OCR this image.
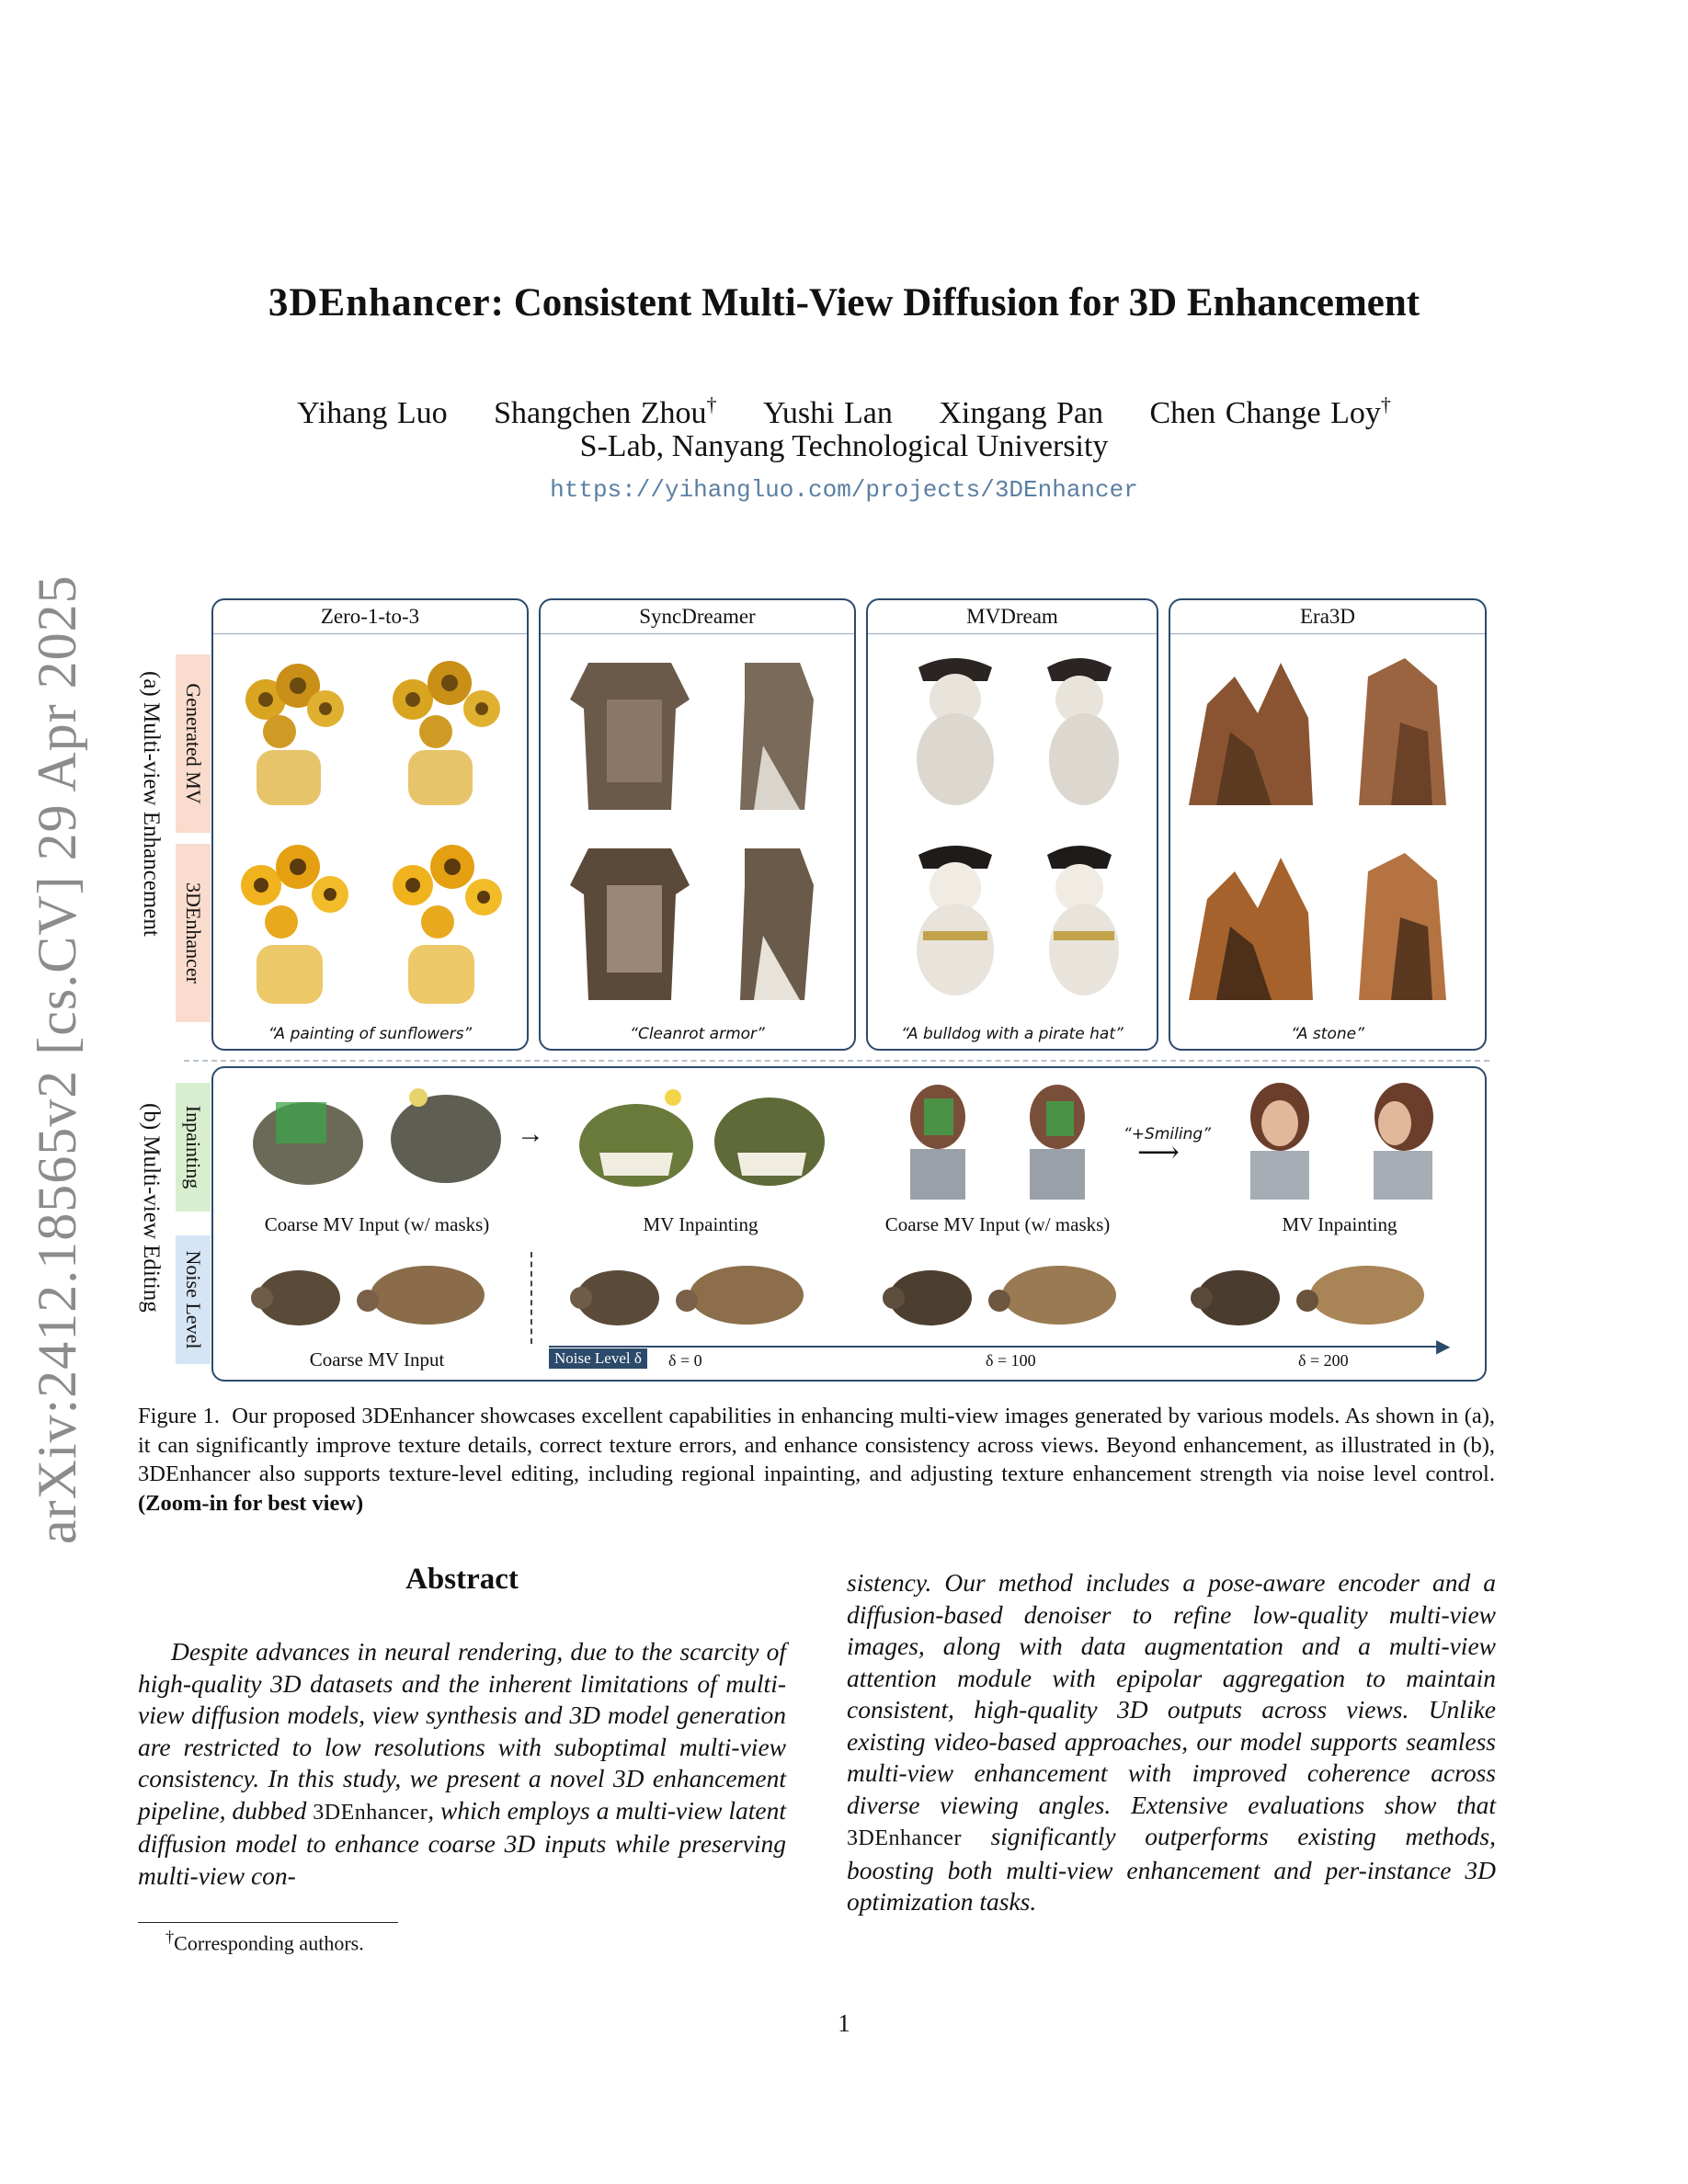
arXiv:2412.18565v2 [cs.CV] 29 Apr 2025
3DEnhancer: Consistent Multi-View Diffusion for 3D Enhancement
Yihang Luo Shangchen Zhou† Yushi Lan Xingang Pan Chen Change Loy†
S-Lab, Nanyang Technological University
https://yihangluo.com/projects/3DEnhancer
(a) Multi-view Enhancement
(b) Multi-view Editing
Generated MV
3DEnhancer
Inpainting
Noise Level
Zero-1-to-3
“A painting of sunflowers”
SyncDreamer
“Cleanrot armor”
MVDream
“A bulldog with a pirate hat”
Era3D
“A stone”
→	“+Smiling”
⟶
Coarse MV Input (w/ masks)	MV Inpainting	Coarse MV Input (w/ masks)	MV Inpainting
Coarse MV Input	Noise Level δ
▶
δ = 0	δ = 100	δ = 200
Figure 1. Our proposed 3DEnhancer showcases excellent capabilities in enhancing multi-view images generated by various models. As shown in (a), it can significantly improve texture details, correct texture errors, and enhance consistency across views. Beyond enhancement, as illustrated in (b), 3DEnhancer also supports texture-level editing, including regional inpainting, and adjusting texture enhancement strength via noise level control. (Zoom-in for best view)
Abstract
Despite advances in neural rendering, due to the scarcity of high-quality 3D datasets and the inherent limitations of multi-view diffusion models, view synthesis and 3D model generation are restricted to low resolutions with suboptimal multi-view consistency. In this study, we present a novel 3D enhancement pipeline, dubbed 3DEnhancer, which employs a multi-view latent diffusion model to enhance coarse 3D inputs while preserving multi-view con-
sistency. Our method includes a pose-aware encoder and a diffusion-based denoiser to refine low-quality multi-view images, along with data augmentation and a multi-view attention module with epipolar aggregation to maintain consistent, high-quality 3D outputs across views. Unlike existing video-based approaches, our model supports seamless multi-view enhancement with improved coherence across diverse viewing angles. Extensive evaluations show that 3DEnhancer significantly outperforms existing methods, boosting both multi-view enhancement and per-instance 3D optimization tasks.
†Corresponding authors.
1
